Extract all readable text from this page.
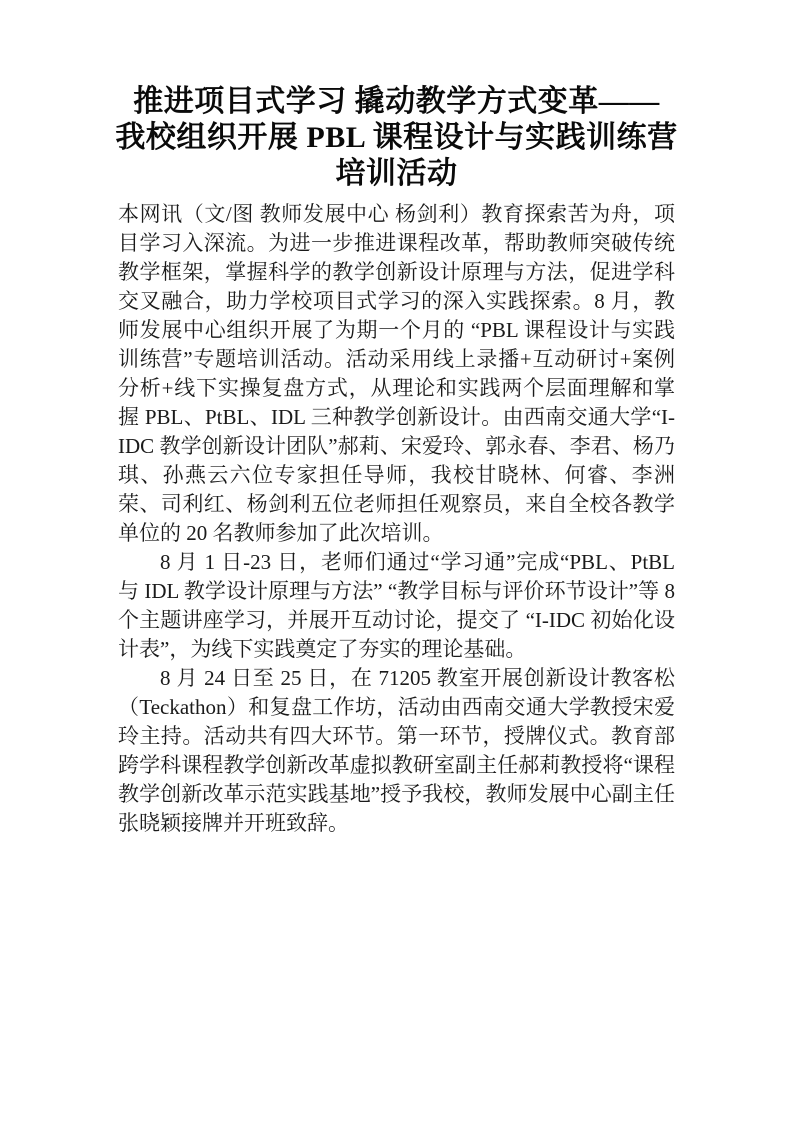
推进项目式学习 撬动教学方式变革——
我校组织开展 PBL 课程设计与实践训练营
培训活动

本网讯（文/图 教师发展中心 杨剑利）教育探索苦为舟，项目学习入深流。为进一步推进课程改革，帮助教师突破传统教学框架，掌握科学的教学创新设计原理与方法，促进学科交叉融合，助力学校项目式学习的深入实践探索。8 月，教师发展中心组织开展了为期一个月的 “PBL 课程设计与实践训练营”专题培训活动。活动采用线上录播+互动研讨+案例分析+线下实操复盘方式，从理论和实践两个层面理解和掌握 PBL、PtBL、IDL 三种教学创新设计。由西南交通大学“I-IDC 教学创新设计团队”郝莉、宋爱玲、郭永春、李君、杨乃琪、孙燕云六位专家担任导师，我校甘晓林、何睿、李洲荣、司利红、杨剑利五位老师担任观察员，来自全校各教学单位的 20 名教师参加了此次培训。

8 月 1 日-23 日，老师们通过“学习通”完成“PBL、PtBL 与 IDL 教学设计原理与方法” “教学目标与评价环节设计”等 8 个主题讲座学习，并展开互动讨论，提交了 “I-IDC 初始化设计表”，为线下实践奠定了夯实的理论基础。

8 月 24 日至 25 日，在 71205 教室开展创新设计教客松（Teckathon）和复盘工作坊，活动由西南交通大学教授宋爱玲主持。活动共有四大环节。第一环节，授牌仪式。教育部跨学科课程教学创新改革虚拟教研室副主任郝莉教授将“课程教学创新改革示范实践基地”授予我校，教师发展中心副主任张晓颖接牌并开班致辞。
